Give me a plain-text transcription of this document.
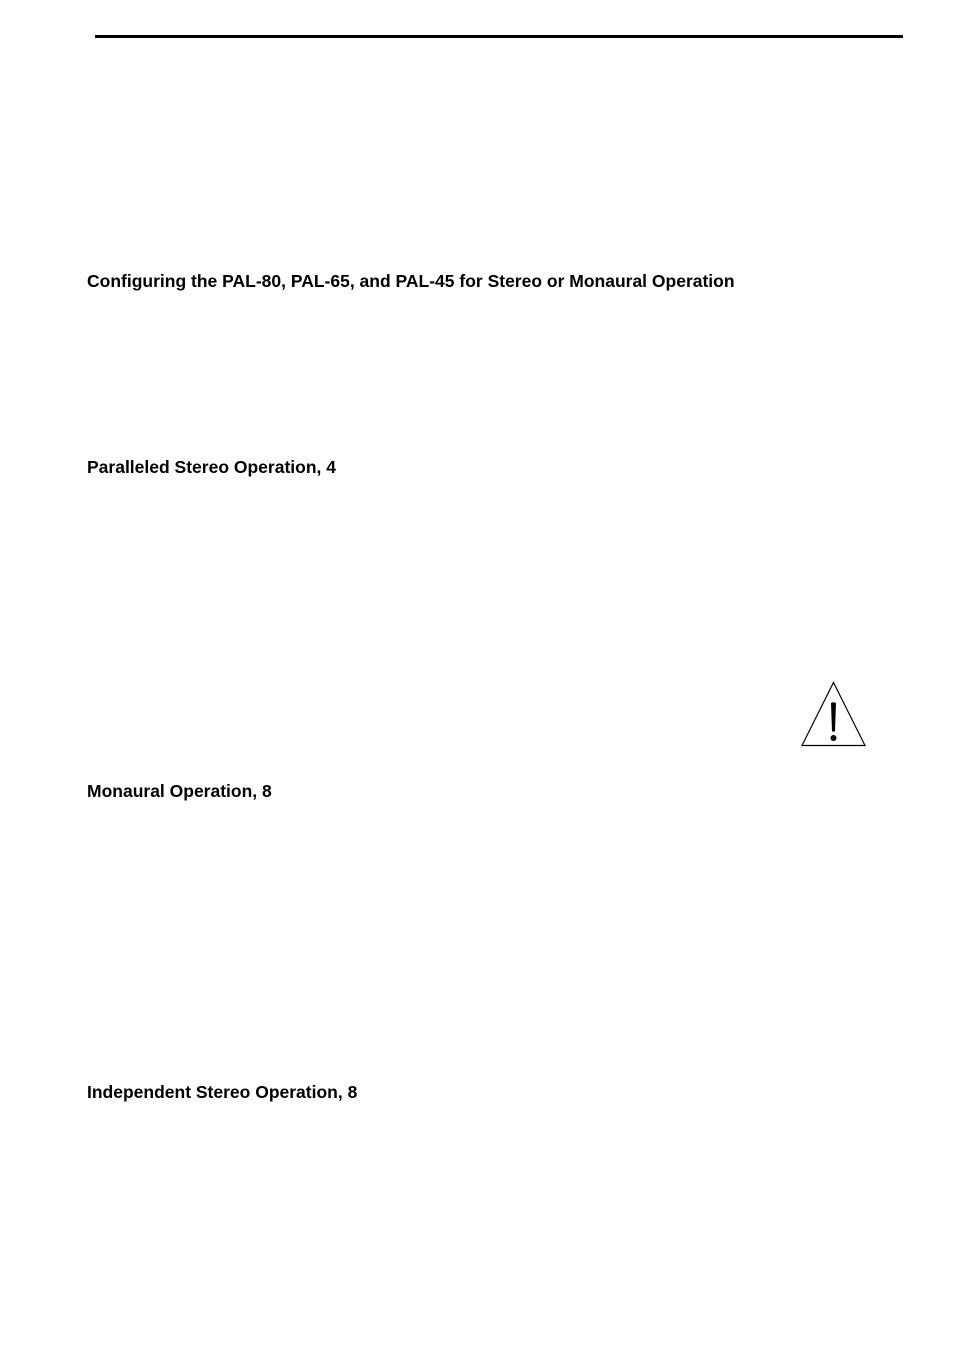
Configuring the PAL-80, PAL-65, and PAL-45 for Stereo or Monaural Operation
Paralleled Stereo Operation, 4
Monaural Operation, 8
Independent Stereo Operation, 8
